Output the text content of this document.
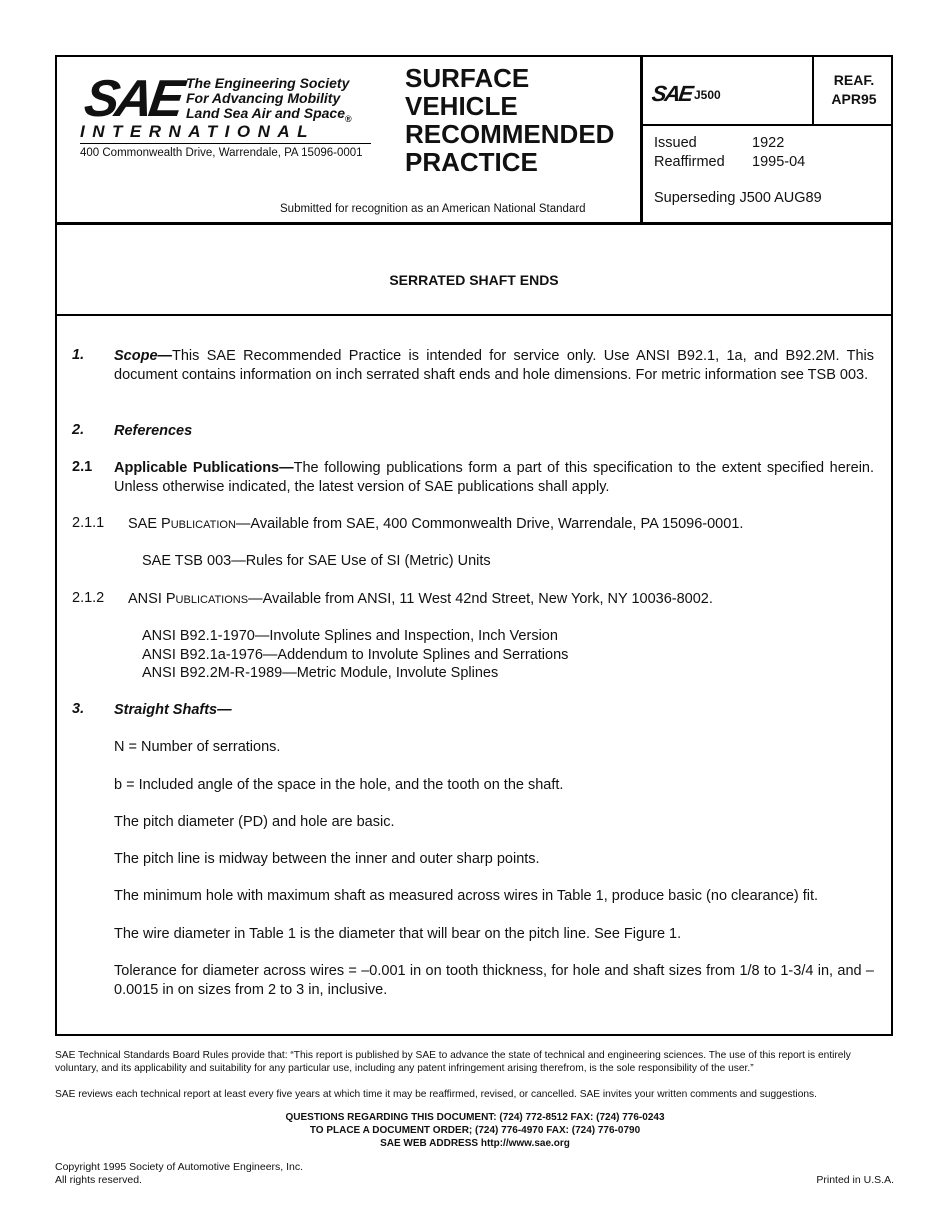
SAE The Engineering Society
For Advancing Mobility
Land Sea Air and Space$_®$
INTERNATIONAL
400 Commonwealth Drive, Warrendale, PA 15096-0001
SURFACE
VEHICLE
RECOMMENDED
PRACTICE
Submitted for recognition as an American National Standard
SAE J500
REAF.
APR95
Issued	1922
Reaffirmed 1995-04
Superseding J500 AUG89
SERRATED SHAFT ENDS
1. Scope—This SAE Recommended Practice is intended for service only. Use ANSI B92.1, 1a, and B92.2M. This document contains information on inch serrated shaft ends and hole dimensions. For metric information see TSB 003.
2. References
2.1 Applicable Publications—The following publications form a part of this specification to the extent specified herein. Unless otherwise indicated, the latest version of SAE publications shall apply.
2.1.1 SAE PUBLICATION—Available from SAE, 400 Commonwealth Drive, Warrendale, PA 15096-0001.
SAE TSB 003—Rules for SAE Use of SI (Metric) Units
2.1.2 ANSI PUBLICATIONS—Available from ANSI, 11 West 42nd Street, New York, NY 10036-8002.
ANSI B92.1-1970—Involute Splines and Inspection, Inch Version
ANSI B92.1a-1976—Addendum to Involute Splines and Serrations
ANSI B92.2M-R-1989—Metric Module, Involute Splines
3. Straight Shafts—
N = Number of serrations.
b = Included angle of the space in the hole, and the tooth on the shaft.
The pitch diameter (PD) and hole are basic.
The pitch line is midway between the inner and outer sharp points.
The minimum hole with maximum shaft as measured across wires in Table 1, produce basic (no clearance) fit.
The wire diameter in Table 1 is the diameter that will bear on the pitch line. See Figure 1.
Tolerance for diameter across wires = –0.001 in on tooth thickness, for hole and shaft sizes from 1/8 to 1-3/4 in, and –0.0015 in on sizes from 2 to 3 in, inclusive.
SAE Technical Standards Board Rules provide that: “This report is published by SAE to advance the state of technical and engineering sciences. The use of this report is entirely voluntary, and its applicability and suitability for any particular use, including any patent infringement arising therefrom, is the sole responsibility of the user.”
SAE reviews each technical report at least every five years at which time it may be reaffirmed, revised, or cancelled. SAE invites your written comments and suggestions.
QUESTIONS REGARDING THIS DOCUMENT: (724) 772-8512 FAX: (724) 776-0243
TO PLACE A DOCUMENT ORDER; (724) 776-4970 FAX: (724) 776-0790
SAE WEB ADDRESS http://www.sae.org
Copyright 1995 Society of Automotive Engineers, Inc.
All rights reserved.	Printed in U.S.A.
